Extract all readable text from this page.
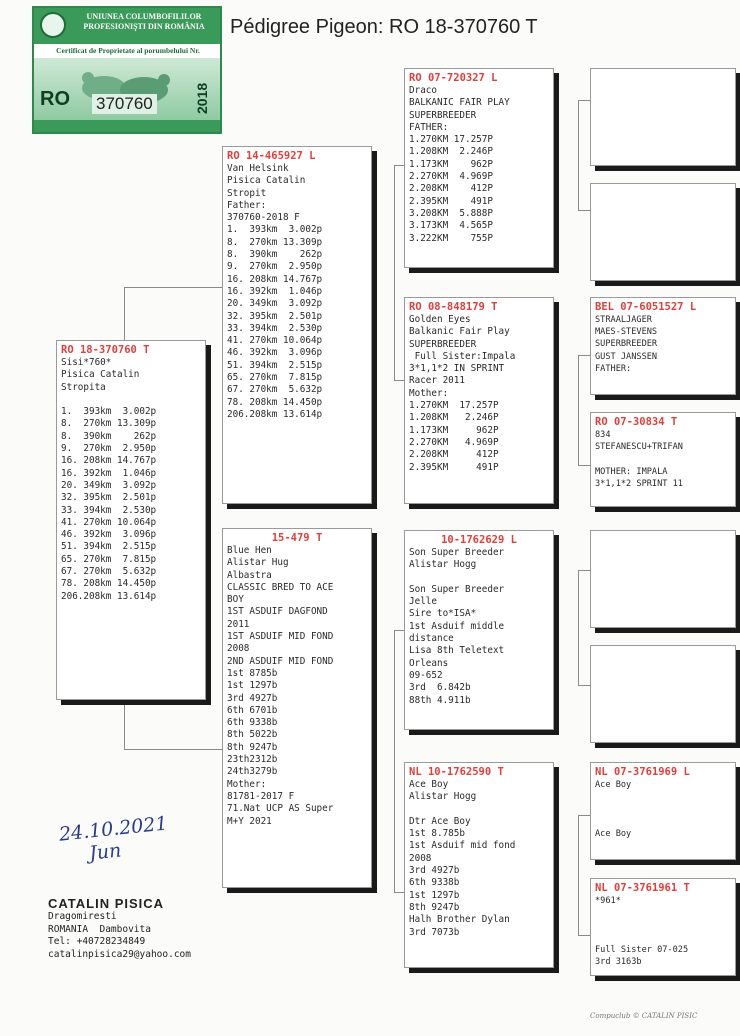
UNIUNEA COLUMBOFILILOR
PROFESIONIŞTI DIN ROMÂNIA
Certificat de Proprietate al porumbelului Nr.
RO 370760	2018
Pédigree Pigeon: RO 18-370760 T
RO 18-370760 T
Sisi*760*
Pisica Catalin
Stropita

1.  393km  3.002p
8.  270km 13.309p
8.  390km    262p
9.  270km  2.950p
16. 208km 14.767p
16. 392km  1.046p
20. 349km  3.092p
32. 395km  2.501p
33. 394km  2.530p
41. 270km 10.064p
46. 392km  3.096p
51. 394km  2.515p
65. 270km  7.815p
67. 270km  5.632p
78. 208km 14.450p
206.208km 13.614p
RO 14-465927 L
Van Helsink
Pisica Catalin
Stropit
Father:
370760-2018 F
1.  393km  3.002p
8.  270km 13.309p
8.  390km    262p
9.  270km  2.950p
16. 208km 14.767p
16. 392km  1.046p
20. 349km  3.092p
32. 395km  2.501p
33. 394km  2.530p
41. 270km 10.064p
46. 392km  3.096p
51. 394km  2.515p
65. 270km  7.815p
67. 270km  5.632p
78. 208km 14.450p
206.208km 13.614p
15-479 T
Blue Hen
Alistar Hug
Albastra
CLASSIC BRED TO ACE
BOY
1ST ASDUIF DAGFOND
2011
1ST ASDUIF MID FOND
2008
2ND ASDUIF MID FOND
1st 8785b
1st 1297b
3rd 4927b
6th 6701b
6th 9338b
8th 5022b
8th 9247b
23th2312b
24th3279b
Mother:
81781-2017 F
71.Nat UCP AS Super
M+Y 2021
RO 07-720327 L
Draco
BALKANIC FAIR PLAY
SUPERBREEDER
FATHER:
1.270KM 17.257P
1.208KM  2.246P
1.173KM    962P
2.270KM  4.969P
2.208KM    412P
2.395KM    491P
3.208KM  5.888P
3.173KM  4.565P
3.222KM    755P
RO 08-848179 T
Golden Eyes
Balkanic Fair Play
SUPERBREEDER
Full Sister:Impala
3*1,1*2 IN SPRINT
Racer 2011
Mother:
1.270KM  17.257P
1.208KM   2.246P
1.173KM     962P
2.270KM   4.969P
2.208KM     412P
2.395KM     491P
10-1762629 L
Son Super Breeder
Alistar Hogg

Son Super Breeder
Jelle
Sire to*ISA*
1st Asduif middle
distance
Lisa 8th Teletext
Orleans
09-652
3rd  6.842b
88th 4.911b
NL 10-1762590 T
Ace Boy
Alistar Hogg

Dtr Ace Boy
1st 8.785b
1st Asduif mid fond
2008
3rd 4927b
6th 9338b
1st 1297b
8th 9247b
Halh Brother Dylan
3rd 7073b
BEL 07-6051527 L
STRAALJAGER
MAES-STEVENS
SUPERBREEDER
GUST JANSSEN
FATHER:
RO 07-30834 T
834
STEFANESCU+TRIFAN

MOTHER: IMPALA
3*1,1*2 SPRINT 11
NL 07-3761969 L
Ace Boy

Ace Boy
NL 07-3761961 T
*961*

Full Sister 07-025
3rd 3163b
24.10.2021
Jun
CATALIN PISICA
Dragomiresti
ROMANIA  Dambovita
Tel: +40728234849
catalinpisica29@yahoo.com
Compuclub © CATALIN PISIC
